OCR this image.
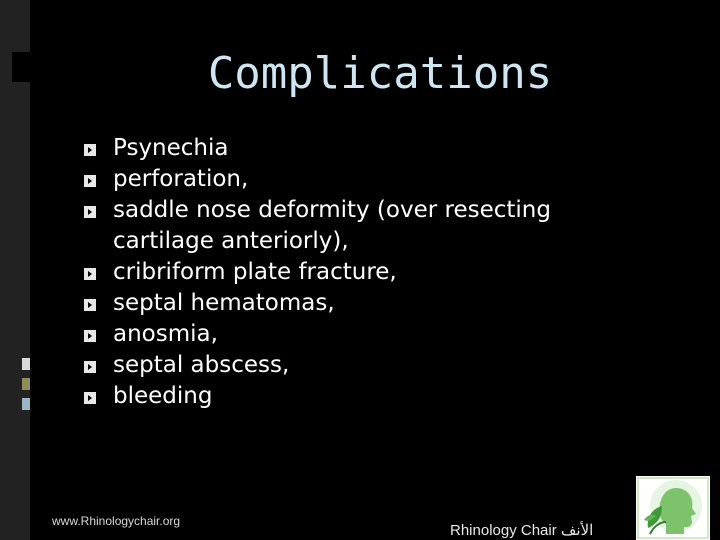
Complications
Psynechia
perforation,
saddle nose deformity (over resecting cartilage anteriorly),
cribriform plate fracture,
septal hematomas,
anosmia,
septal abscess,
bleeding
www.Rhinologychair.org
Rhinology Chair الأنف
